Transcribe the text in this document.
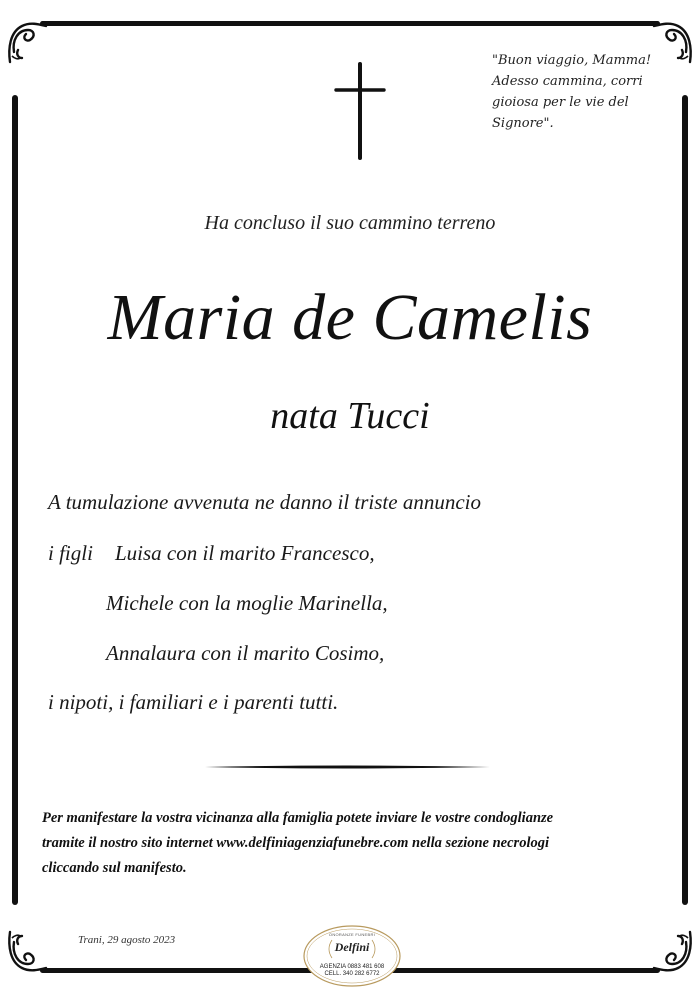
"Buon viaggio, Mamma!
Adesso cammina, corri
gioiosa per le vie del
Signore".
Ha concluso il suo cammino terreno
Maria de Camelis
nata Tucci
A tumulazione avvenuta ne danno il triste annuncio
i figli Luisa con il marito Francesco,
Michele con la moglie Marinella,
Annalaura con il marito Cosimo,
i nipoti, i familiari e i parenti tutti.
Per manifestare la vostra vicinanza alla famiglia potete inviare le vostre condoglianze
tramite il nostro sito internet www.delfiniagenziafunebre.com nella sezione necrologi
cliccando sul manifesto.
Trani, 29 agosto 2023	ONORANZE FUNEBRI
Delfini
AGENZIA 0883 481 608
CELL. 340 282 6772
